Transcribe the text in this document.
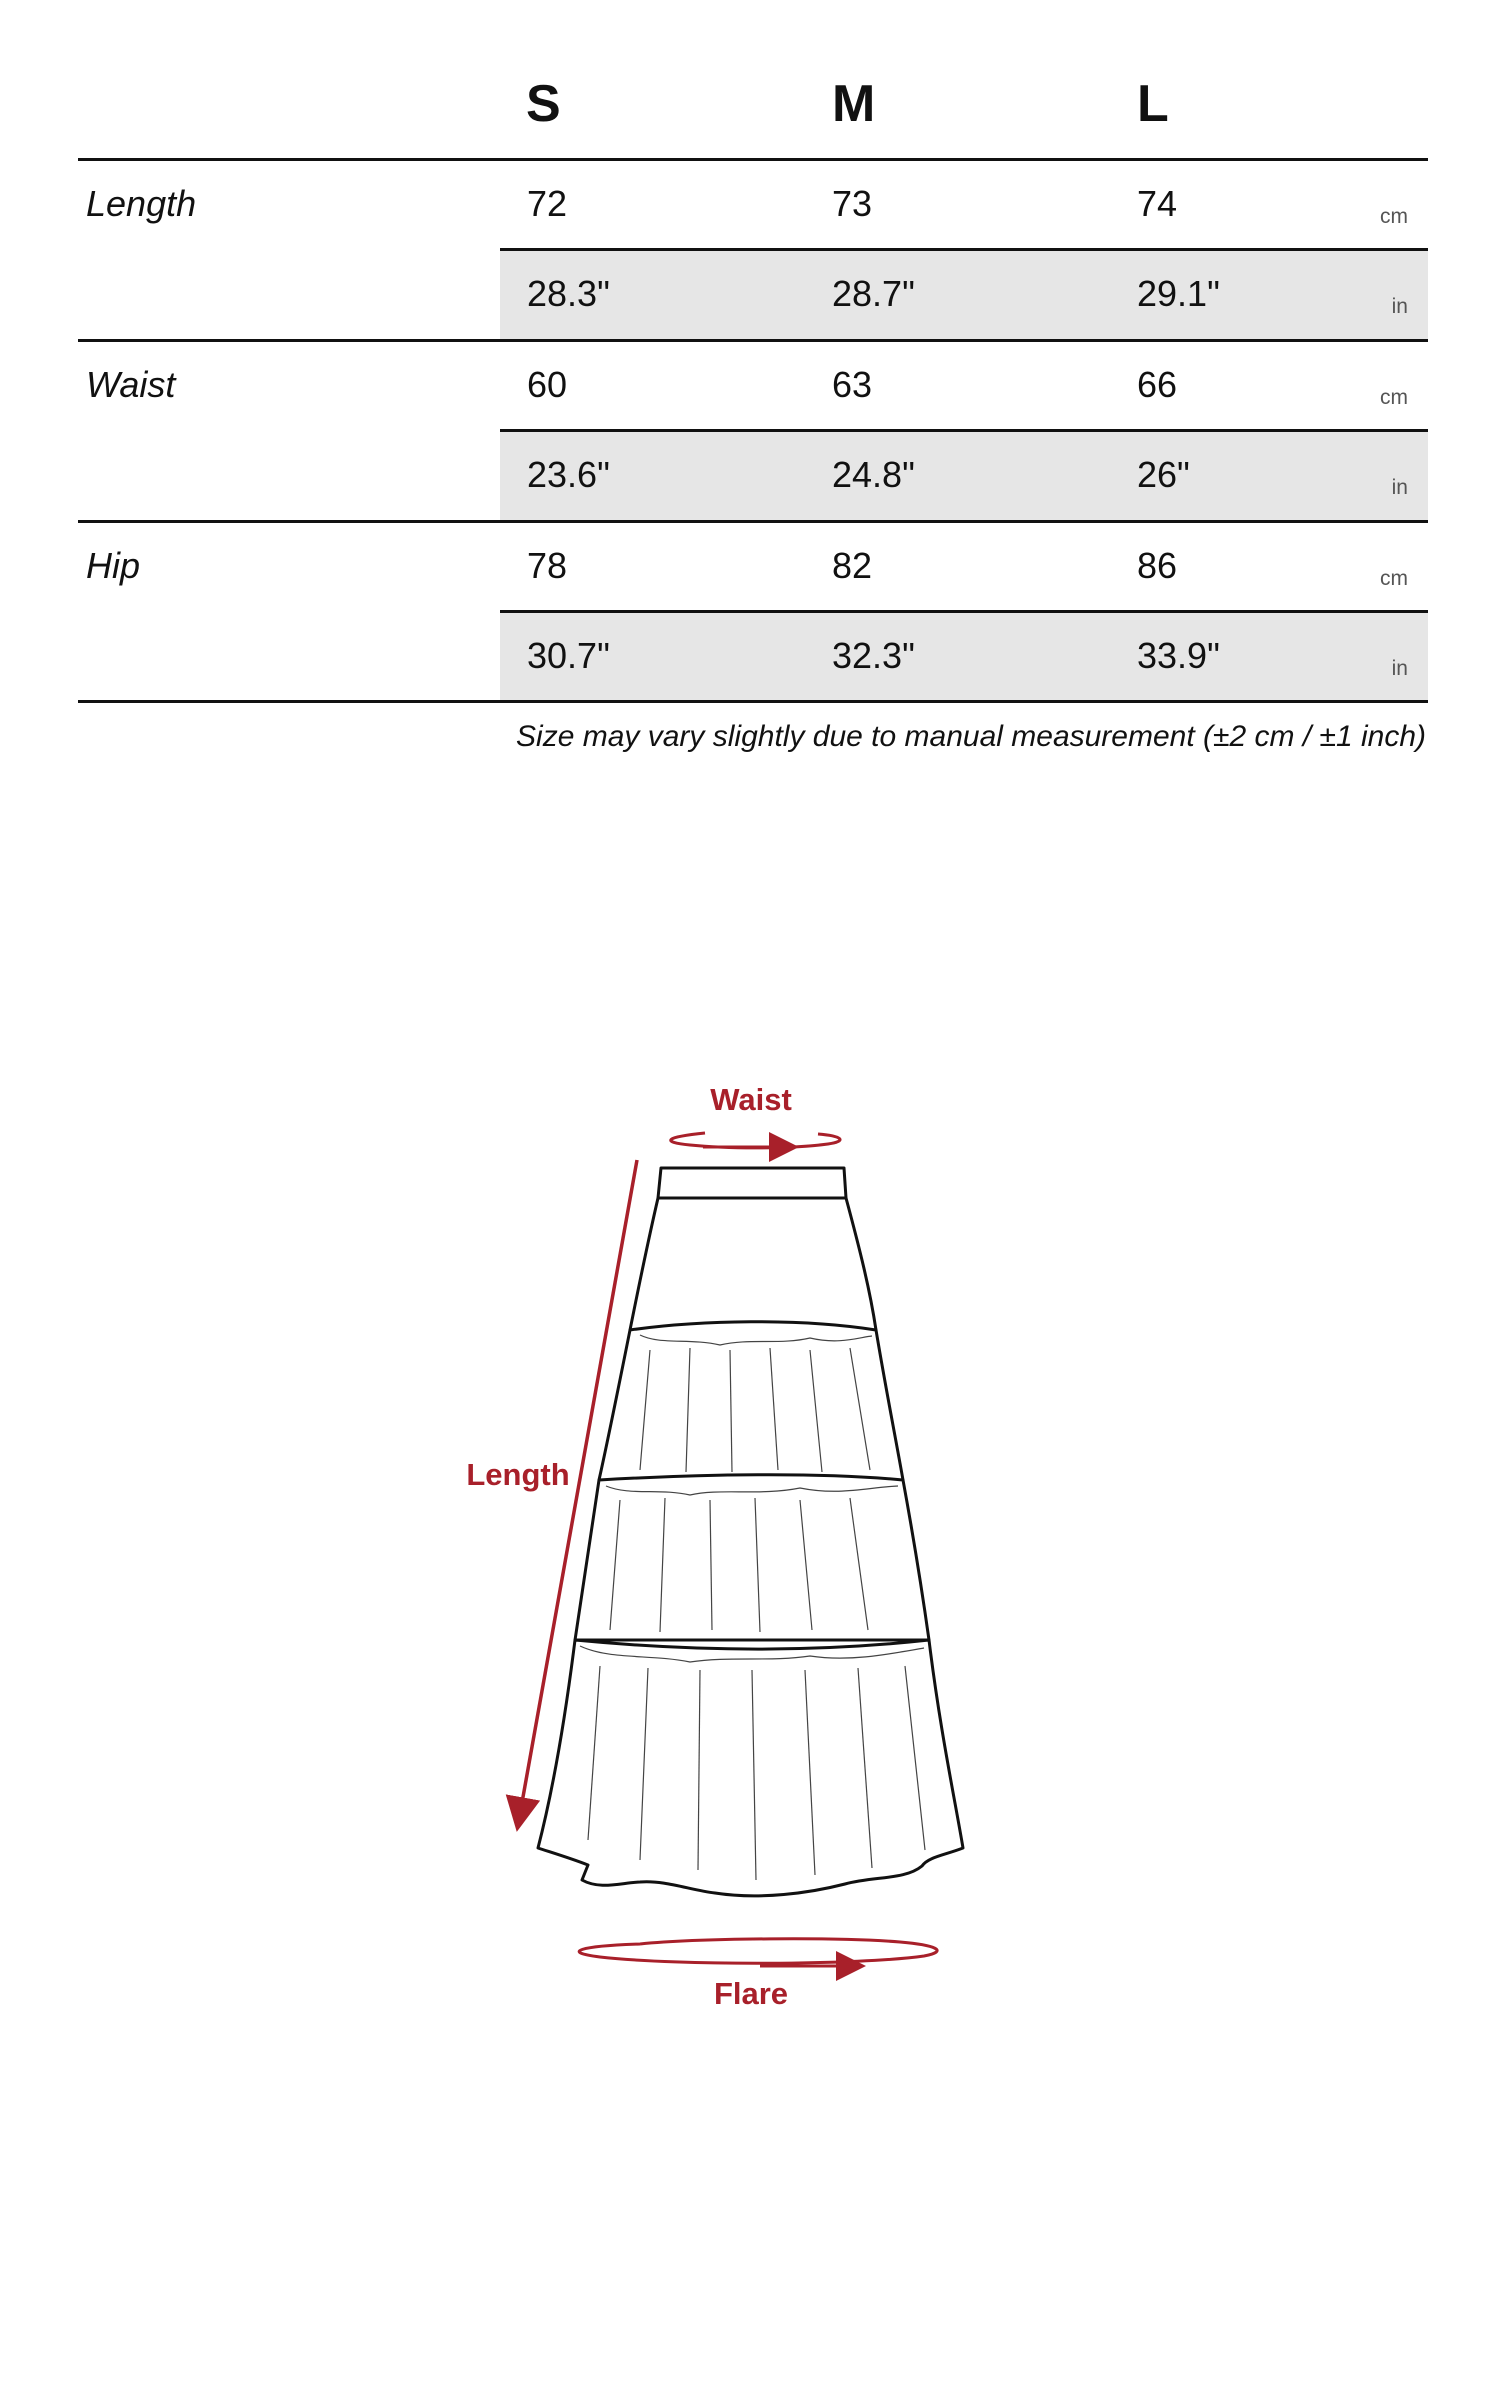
S	M	L
Length	72	73	74	cm
28.3"	28.7"	29.1"	in
Waist	60	63	66	cm
23.6"	24.8"	26"	in
Hip	78	82	86	cm
30.7"	32.3"	33.9"	in
Size may vary slightly due to manual measurement (±2 cm / ±1 inch)
Waist
Length
Flare
